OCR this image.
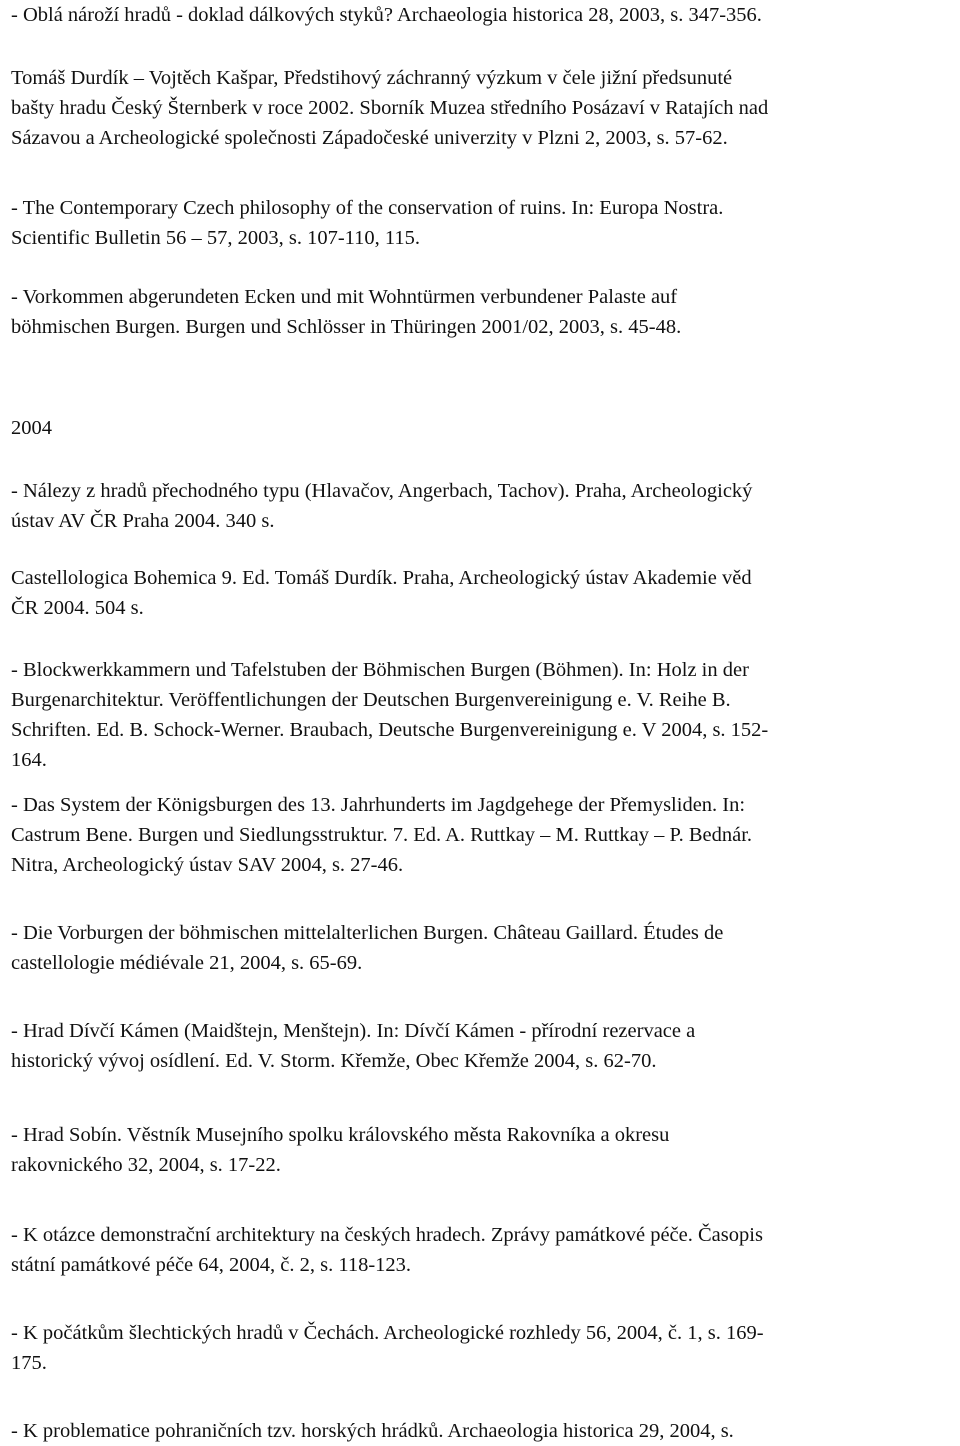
- Oblá nároží hradů - doklad dálkových styků? Archaeologia historica 28, 2003, s. 347-356.
Tomáš Durdík – Vojtěch Kašpar, Předstihový záchranný výzkum v čele jižní předsunuté
bašty hradu Český Šternberk v roce 2002. Sborník Muzea středního Posázaví v Ratajích nad
Sázavou a Archeologické společnosti Západočeské univerzity v Plzni 2, 2003, s. 57-62.
- The Contemporary Czech philosophy of the conservation of ruins. In: Europa Nostra.
Scientific Bulletin 56 – 57, 2003, s. 107-110, 115.
- Vorkommen abgerundeten Ecken und mit Wohntürmen verbundener Palaste auf
böhmischen Burgen. Burgen und Schlösser in Thüringen 2001/02, 2003, s. 45-48.
2004
- Nálezy z hradů přechodného typu (Hlavačov, Angerbach, Tachov). Praha, Archeologický
ústav AV ČR Praha 2004. 340 s.
Castellologica Bohemica 9. Ed. Tomáš Durdík. Praha, Archeologický ústav Akademie věd
ČR 2004. 504 s.
- Blockwerkkammern und Tafelstuben der Böhmischen Burgen (Böhmen). In: Holz in der
Burgenarchitektur. Veröffentlichungen der Deutschen Burgenvereinigung e. V. Reihe B.
Schriften. Ed. B. Schock-Werner. Braubach, Deutsche Burgenvereinigung e. V 2004, s. 152-
164.
- Das System der Königsburgen des 13. Jahrhunderts im Jagdgehege der Přemysliden. In:
Castrum Bene. Burgen und Siedlungsstruktur. 7. Ed. A. Ruttkay – M. Ruttkay – P. Bednár.
Nitra, Archeologický ústav SAV 2004, s. 27-46.
- Die Vorburgen der böhmischen mittelalterlichen Burgen. Château Gaillard. Études de
castellologie médiévale 21, 2004, s. 65-69.
- Hrad Dívčí Kámen (Maidštejn, Menštejn). In: Dívčí Kámen - přírodní rezervace a
historický vývoj osídlení. Ed. V. Storm. Křemže, Obec Křemže 2004, s. 62-70.
- Hrad Sobín. Věstník Musejního spolku královského města Rakovníka a okresu
rakovnického 32, 2004, s. 17-22.
- K otázce demonstrační architektury na českých hradech. Zprávy památkové péče. Časopis
státní památkové péče 64, 2004, č. 2, s. 118-123.
- K počátkům šlechtických hradů v Čechách. Archeologické rozhledy 56, 2004, č. 1, s. 169-
175.
- K problematice pohraničních tzv. horských hrádků. Archaeologia historica 29, 2004, s.
